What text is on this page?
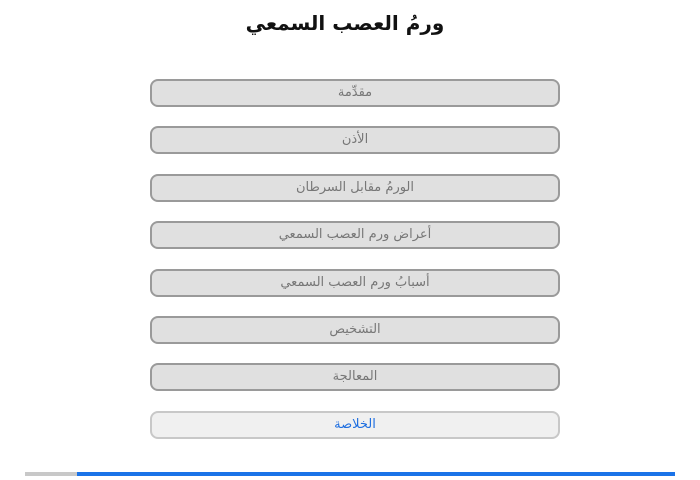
ورمُ العصب السمعي
مقدِّمة
الأذن
الورمُ مقابل السرطان
أعراض ورم العصب السمعي
أسبابُ ورم العصب السمعي
التشخيص
المعالجة
الخلاصة
